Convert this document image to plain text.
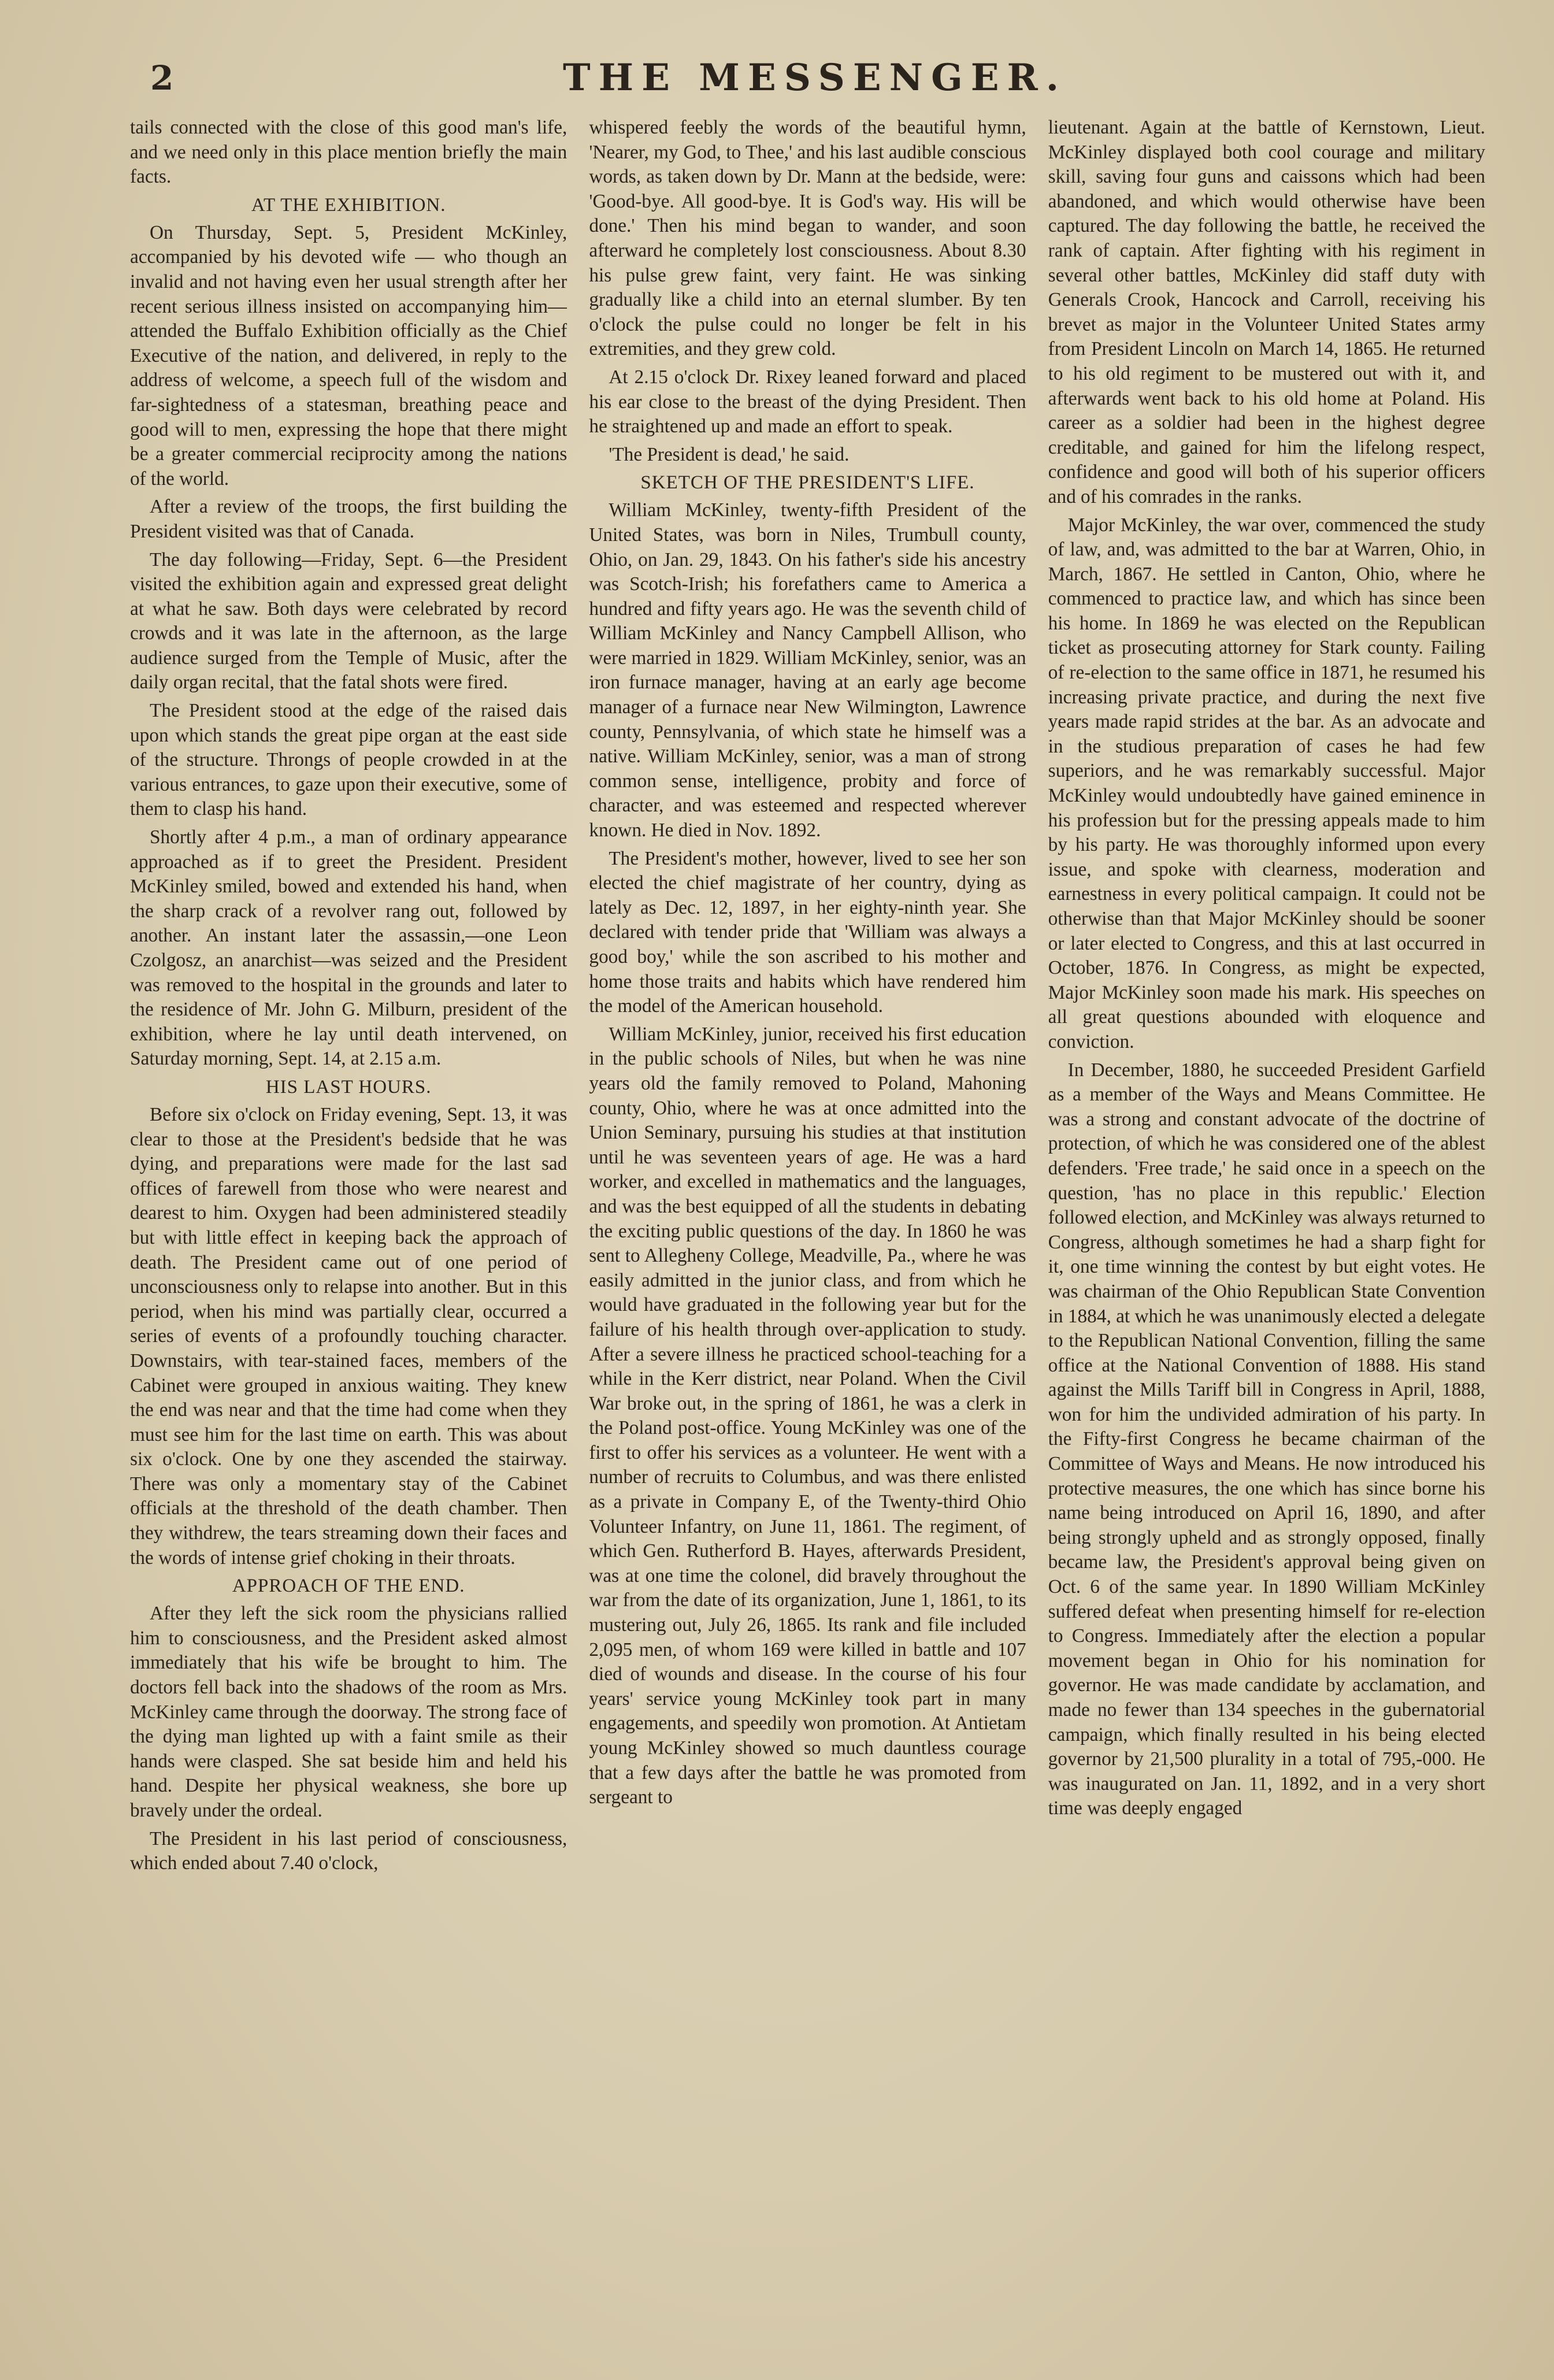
2	THE MESSENGER.

tails connected with the close of this good man's life, and we need only in this place mention briefly the main facts.

AT THE EXHIBITION.

On Thursday, Sept. 5, President McKinley, accompanied by his devoted wife — who though an invalid and not having even her usual strength after her recent serious illness insisted on accompanying him—attended the Buffalo Exhibition officially as the Chief Executive of the nation, and delivered, in reply to the address of welcome, a speech full of the wisdom and far-sightedness of a statesman, breathing peace and good will to men, expressing the hope that there might be a greater commercial reciprocity among the nations of the world.

After a review of the troops, the first building the President visited was that of Canada.

The day following—Friday, Sept. 6—the President visited the exhibition again and expressed great delight at what he saw. Both days were celebrated by record crowds and it was late in the afternoon, as the large audience surged from the Temple of Music, after the daily organ recital, that the fatal shots were fired.

The President stood at the edge of the raised dais upon which stands the great pipe organ at the east side of the structure. Throngs of people crowded in at the various entrances, to gaze upon their executive, some of them to clasp his hand.

Shortly after 4 p.m., a man of ordinary appearance approached as if to greet the President. President McKinley smiled, bowed and extended his hand, when the sharp crack of a revolver rang out, followed by another. An instant later the assassin,—one Leon Czolgosz, an anarchist—was seized and the President was removed to the hospital in the grounds and later to the residence of Mr. John G. Milburn, president of the exhibition, where he lay until death intervened, on Saturday morning, Sept. 14, at 2.15 a.m.

HIS LAST HOURS.

Before six o'clock on Friday evening, Sept. 13, it was clear to those at the President's bedside that he was dying, and preparations were made for the last sad offices of farewell from those who were nearest and dearest to him. Oxygen had been administered steadily but with little effect in keeping back the approach of death. The President came out of one period of unconsciousness only to relapse into another. But in this period, when his mind was partially clear, occurred a series of events of a profoundly touching character. Downstairs, with tear-stained faces, members of the Cabinet were grouped in anxious waiting. They knew the end was near and that the time had come when they must see him for the last time on earth. This was about six o'clock. One by one they ascended the stairway. There was only a momentary stay of the Cabinet officials at the threshold of the death chamber. Then they withdrew, the tears streaming down their faces and the words of intense grief choking in their throats.

APPROACH OF THE END.

After they left the sick room the physicians rallied him to consciousness, and the President asked almost immediately that his wife be brought to him. The doctors fell back into the shadows of the room as Mrs. McKinley came through the doorway. The strong face of the dying man lighted up with a faint smile as their hands were clasped. She sat beside him and held his hand. Despite her physical weakness, she bore up bravely under the ordeal.

The President in his last period of consciousness, which ended about 7.40 o'clock,

whispered feebly the words of the beautiful hymn, 'Nearer, my God, to Thee,' and his last audible conscious words, as taken down by Dr. Mann at the bedside, were: 'Good-bye. All good-bye. It is God's way. His will be done.' Then his mind began to wander, and soon afterward he completely lost consciousness. About 8.30 his pulse grew faint, very faint. He was sinking gradually like a child into an eternal slumber. By ten o'clock the pulse could no longer be felt in his extremities, and they grew cold.

At 2.15 o'clock Dr. Rixey leaned forward and placed his ear close to the breast of the dying President. Then he straightened up and made an effort to speak.

'The President is dead,' he said.

SKETCH OF THE PRESIDENT'S LIFE.

William McKinley, twenty-fifth President of the United States, was born in Niles, Trumbull county, Ohio, on Jan. 29, 1843. On his father's side his ancestry was Scotch-Irish; his forefathers came to America a hundred and fifty years ago. He was the seventh child of William McKinley and Nancy Campbell Allison, who were married in 1829. William McKinley, senior, was an iron furnace manager, having at an early age become manager of a furnace near New Wilmington, Lawrence county, Pennsylvania, of which state he himself was a native. William McKinley, senior, was a man of strong common sense, intelligence, probity and force of character, and was esteemed and respected wherever known. He died in Nov. 1892.

The President's mother, however, lived to see her son elected the chief magistrate of her country, dying as lately as Dec. 12, 1897, in her eighty-ninth year. She declared with tender pride that 'William was always a good boy,' while the son ascribed to his mother and home those traits and habits which have rendered him the model of the American household.

William McKinley, junior, received his first education in the public schools of Niles, but when he was nine years old the family removed to Poland, Mahoning county, Ohio, where he was at once admitted into the Union Seminary, pursuing his studies at that institution until he was seventeen years of age. He was a hard worker, and excelled in mathematics and the languages, and was the best equipped of all the students in debating the exciting public questions of the day. In 1860 he was sent to Allegheny College, Meadville, Pa., where he was easily admitted in the junior class, and from which he would have graduated in the following year but for the failure of his health through over-application to study. After a severe illness he practiced school-teaching for a while in the Kerr district, near Poland. When the Civil War broke out, in the spring of 1861, he was a clerk in the Poland post-office. Young McKinley was one of the first to offer his services as a volunteer. He went with a number of recruits to Columbus, and was there enlisted as a private in Company E, of the Twenty-third Ohio Volunteer Infantry, on June 11, 1861. The regiment, of which Gen. Rutherford B. Hayes, afterwards President, was at one time the colonel, did bravely throughout the war from the date of its organization, June 1, 1861, to its mustering out, July 26, 1865. Its rank and file included 2,095 men, of whom 169 were killed in battle and 107 died of wounds and disease. In the course of his four years' service young McKinley took part in many engagements, and speedily won promotion. At Antietam young McKinley showed so much dauntless courage that a few days after the battle he was promoted from sergeant to

lieutenant. Again at the battle of Kernstown, Lieut. McKinley displayed both cool courage and military skill, saving four guns and caissons which had been abandoned, and which would otherwise have been captured. The day following the battle, he received the rank of captain. After fighting with his regiment in several other battles, McKinley did staff duty with Generals Crook, Hancock and Carroll, receiving his brevet as major in the Volunteer United States army from President Lincoln on March 14, 1865. He returned to his old regiment to be mustered out with it, and afterwards went back to his old home at Poland. His career as a soldier had been in the highest degree creditable, and gained for him the lifelong respect, confidence and good will both of his superior officers and of his comrades in the ranks.

Major McKinley, the war over, commenced the study of law, and, was admitted to the bar at Warren, Ohio, in March, 1867. He settled in Canton, Ohio, where he commenced to practice law, and which has since been his home. In 1869 he was elected on the Republican ticket as prosecuting attorney for Stark county. Failing of re-election to the same office in 1871, he resumed his increasing private practice, and during the next five years made rapid strides at the bar. As an advocate and in the studious preparation of cases he had few superiors, and he was remarkably successful. Major McKinley would undoubtedly have gained eminence in his profession but for the pressing appeals made to him by his party. He was thoroughly informed upon every issue, and spoke with clearness, moderation and earnestness in every political campaign. It could not be otherwise than that Major McKinley should be sooner or later elected to Congress, and this at last occurred in October, 1876. In Congress, as might be expected, Major McKinley soon made his mark. His speeches on all great questions abounded with eloquence and conviction.

In December, 1880, he succeeded President Garfield as a member of the Ways and Means Committee. He was a strong and constant advocate of the doctrine of protection, of which he was considered one of the ablest defenders. 'Free trade,' he said once in a speech on the question, 'has no place in this republic.' Election followed election, and McKinley was always returned to Congress, although sometimes he had a sharp fight for it, one time winning the contest by but eight votes. He was chairman of the Ohio Republican State Convention in 1884, at which he was unanimously elected a delegate to the Republican National Convention, filling the same office at the National Convention of 1888. His stand against the Mills Tariff bill in Congress in April, 1888, won for him the undivided admiration of his party. In the Fifty-first Congress he became chairman of the Committee of Ways and Means. He now introduced his protective measures, the one which has since borne his name being introduced on April 16, 1890, and after being strongly upheld and as strongly opposed, finally became law, the President's approval being given on Oct. 6 of the same year. In 1890 William McKinley suffered defeat when presenting himself for re-election to Congress. Immediately after the election a popular movement began in Ohio for his nomination for governor. He was made candidate by acclamation, and made no fewer than 134 speeches in the gubernatorial campaign, which finally resulted in his being elected governor by 21,500 plurality in a total of 795,-000. He was inaugurated on Jan. 11, 1892, and in a very short time was deeply engaged
